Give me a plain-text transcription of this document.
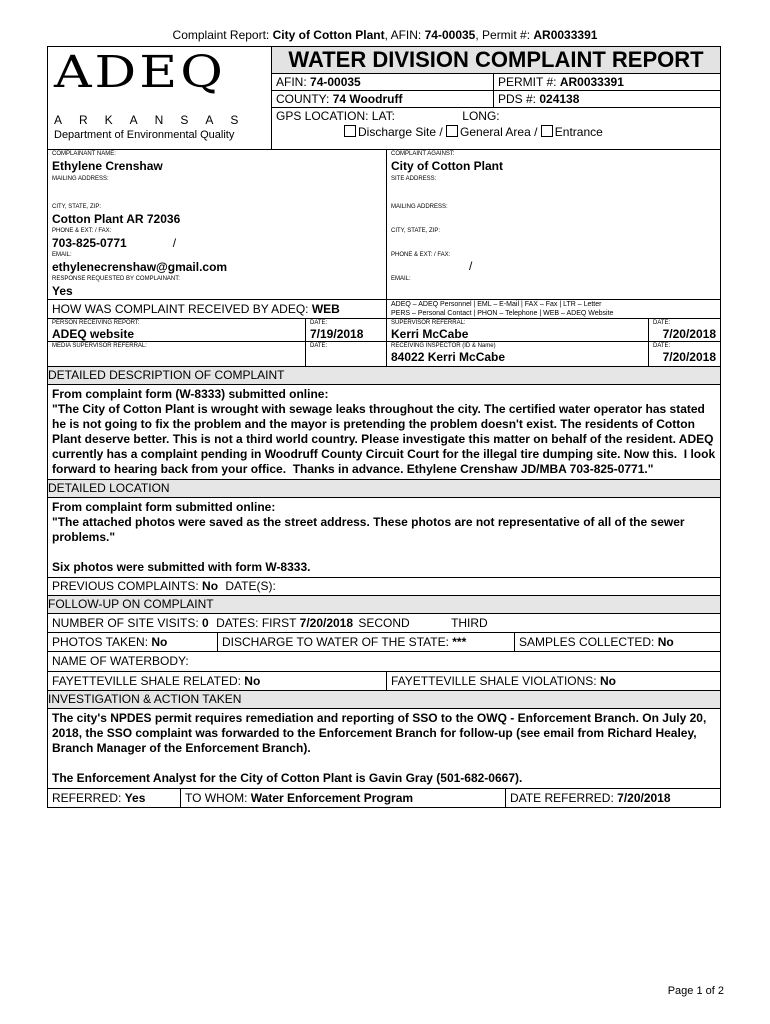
Complaint Report: City of Cotton Plant, AFIN: 74-00035, Permit #: AR0033391
ADEQ
ARKANSAS
Department of Environmental Quality
WATER DIVISION COMPLAINT REPORT
AFIN: 74-00035	PERMIT #: AR0033391
COUNTY: 74 Woodruff	PDS #: 024138
GPS LOCATION: LAT:	LONG:
Discharge Site / General Area / Entrance
COMPLAINANT NAME:
Ethylene Crenshaw
MAILING ADDRESS:
CITY, STATE, ZIP:
Cotton Plant AR 72036
PHONE & EXT: / FAX:
703-825-0771	/
EMAIL:
ethylenecrenshaw@gmail.com
RESPONSE REQUESTED BY COMPLAINANT:
Yes
COMPLAINT AGAINST:
City of Cotton Plant
SITE ADDRESS:
MAILING ADDRESS:
CITY, STATE, ZIP:
PHONE & EXT: / FAX:
/
EMAIL:
HOW WAS COMPLAINT RECEIVED BY ADEQ: WEB	ADEQ – ADEQ Personnel | EML – E-Mail | FAX – Fax | LTR – Letter
PERS – Personal Contact | PHON – Telephone | WEB – ADEQ Website
PERSON RECEIVING REPORT:
ADEQ website
DATE:
7/19/2018
SUPERVISOR REFERRAL:
Kerri McCabe
DATE:
7/20/2018
MEDIA SUPERVISOR REFERRAL:	DATE:	RECEIVING INSPECTOR (ID & Name)
84022 Kerri McCabe
DATE:
7/20/2018
DETAILED DESCRIPTION OF COMPLAINT
From complaint form (W-8333) submitted online:
"The City of Cotton Plant is wrought with sewage leaks throughout the city. The certified water operator has stated he is not going to fix the problem and the mayor is pretending the problem doesn't exist. The residents of Cotton Plant deserve better. This is not a third world country. Please investigate this matter on behalf of the resident. ADEQ currently has a complaint pending in Woodruff County Circuit Court for the illegal tire dumping site. Now this.  I look forward to hearing back from your office.  Thanks in advance. Ethylene Crenshaw JD/MBA 703-825-0771."
DETAILED LOCATION
From complaint form submitted online:
"The attached photos were saved as the street address. These photos are not representative of all of the sewer problems."

Six photos were submitted with form W-8333.
PREVIOUS COMPLAINTS: No DATE(S):
FOLLOW-UP ON COMPLAINT
NUMBER OF SITE VISITS: 0 DATES: FIRST 7/20/2018 SECOND	THIRD
PHOTOS TAKEN: No	DISCHARGE TO WATER OF THE STATE: ***	SAMPLES COLLECTED: No
NAME OF WATERBODY:
FAYETTEVILLE SHALE RELATED: No	FAYETTEVILLE SHALE VIOLATIONS: No
INVESTIGATION & ACTION TAKEN
The city's NPDES permit requires remediation and reporting of SSO to the OWQ - Enforcement Branch. On July 20, 2018, the SSO complaint was forwarded to the Enforcement Branch for follow-up (see email from Richard Healey, Branch Manager of the Enforcement Branch).

The Enforcement Analyst for the City of Cotton Plant is Gavin Gray (501-682-0667).
REFERRED: Yes	TO WHOM: Water Enforcement Program	DATE REFERRED: 7/20/2018
Page 1 of 2
